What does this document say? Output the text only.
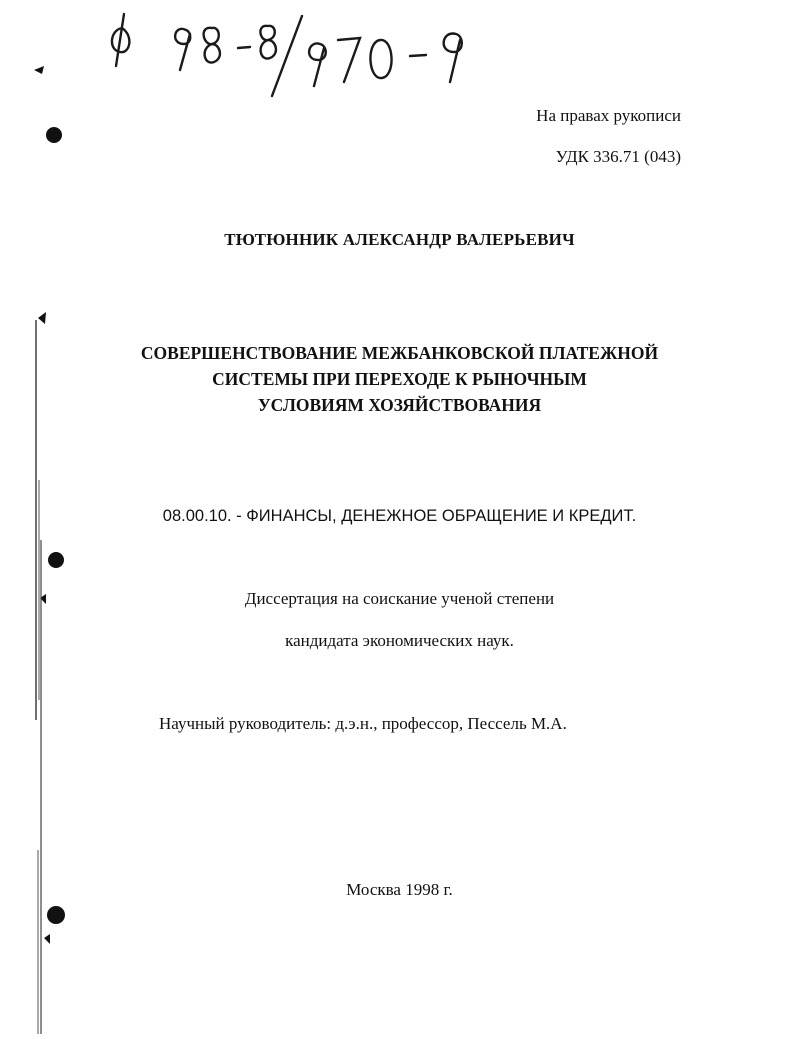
На правах рукописи
УДК 336.71 (043)
ТЮТЮННИК АЛЕКСАНДР ВАЛЕРЬЕВИЧ
СОВЕРШЕНСТВОВАНИЕ МЕЖБАНКОВСКОЙ ПЛАТЕЖНОЙ
СИСТЕМЫ ПРИ ПЕРЕХОДЕ К РЫНОЧНЫМ
УСЛОВИЯМ ХОЗЯЙСТВОВАНИЯ
08.00.10. - ФИНАНСЫ, ДЕНЕЖНОЕ ОБРАЩЕНИЕ И КРЕДИТ.
Диссертация на соискание ученой степени
кандидата экономических наук.
Научный руководитель: д.э.н., профессор, Пессель М.А.
Москва 1998 г.
